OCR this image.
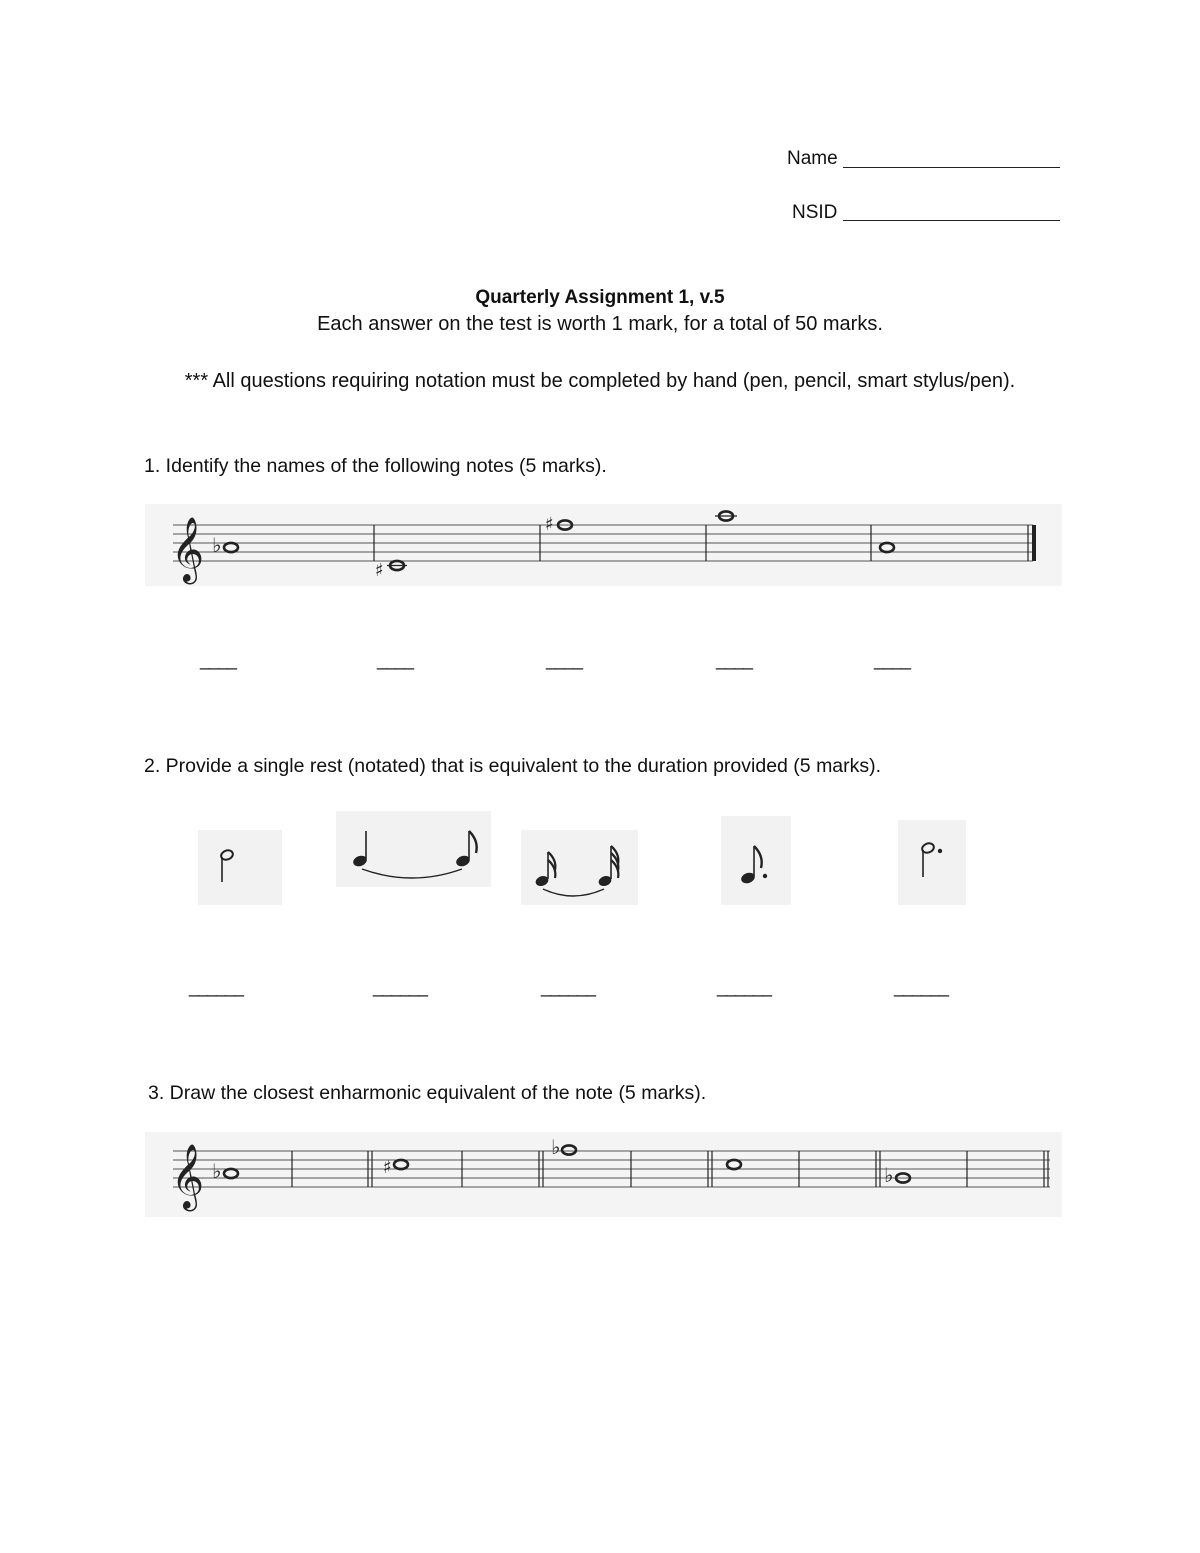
Name
NSID
Quarterly Assignment 1, v.5
Each answer on the test is worth 1 mark, for a total of 50 marks.
*** All questions requiring notation must be completed by hand (pen, pencil, smart stylus/pen).
1. Identify the names of the following notes (5 marks).
𝄞 ♭
♯
♯
____	____	____	____	____
2. Provide a single rest (notated) that is equivalent to the duration provided (5 marks).
______	______	______	______	______
3. Draw the closest enharmonic equivalent of the note (5 marks).
𝄞 ♭	♯
♭
♭
